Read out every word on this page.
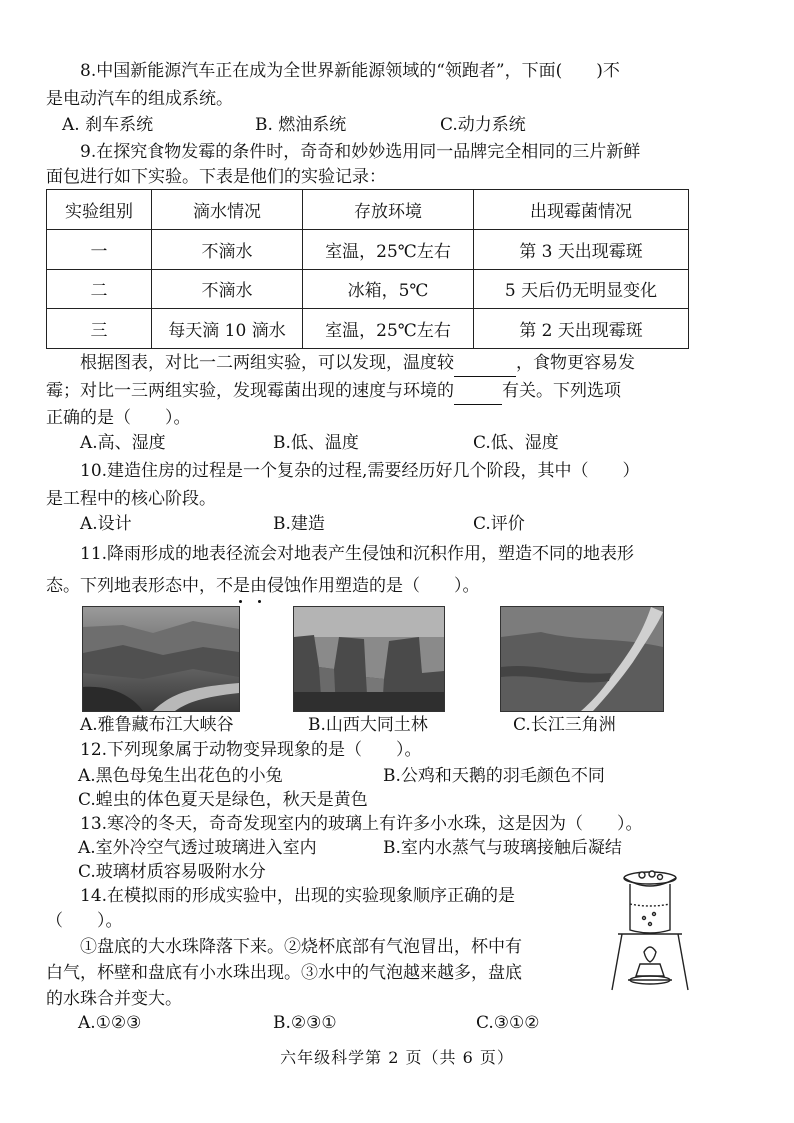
8.中国新能源汽车正在成为全世界新能源领域的“领跑者”，下面(　　)不
是电动汽车的组成系统。
A. 刹车系统	B. 燃油系统	C.动力系统
9.在探究食物发霉的条件时，奇奇和妙妙选用同一品牌完全相同的三片新鲜
面包进行如下实验。下表是他们的实验记录：
实验组别	滴水情况	存放环境	出现霉菌情况
一	不滴水	室温，25℃左右	第 3 天出现霉斑
二	不滴水	冰箱，5℃	5 天后仍无明显变化
三	每天滴 10 滴水	室温，25℃左右	第 2 天出现霉斑
根据图表，对比一二两组实验，可以发现，温度较	，食物更容易发
霉；对比一三两组实验，发现霉菌出现的速度与环境的	有关。下列选项
正确的是（　　）。
A.高、湿度	B.低、温度	C.低、湿度
10.建造住房的过程是一个复杂的过程,需要经历好几个阶段，其中（　　）
是工程中的核心阶段。
A.设计	B.建造	C.评价
11.降雨形成的地表径流会对地表产生侵蚀和沉积作用，塑造不同的地表形
态。下列地表形态中，不是由侵蚀作用塑造的是（　　）。
A.雅鲁藏布江大峡谷	B.山西大同土林	C.长江三角洲
12.下列现象属于动物变异现象的是（　　）。
A.黑色母兔生出花色的小兔	B.公鸡和天鹅的羽毛颜色不同
C.蝗虫的体色夏天是绿色，秋天是黄色
13.寒冷的冬天，奇奇发现室内的玻璃上有许多小水珠，这是因为（　　）。
A.室外冷空气透过玻璃进入室内	B.室内水蒸气与玻璃接触后凝结
C.玻璃材质容易吸附水分
14.在模拟雨的形成实验中，出现的实验现象顺序正确的是
（　　）。
①盘底的大水珠降落下来。②烧杯底部有气泡冒出，杯中有
白气，杯壁和盘底有小水珠出现。③水中的气泡越来越多，盘底
的水珠合并变大。
A.①②③	B.②③①	C.③①②
六年级科学第 2 页（共 6 页）
